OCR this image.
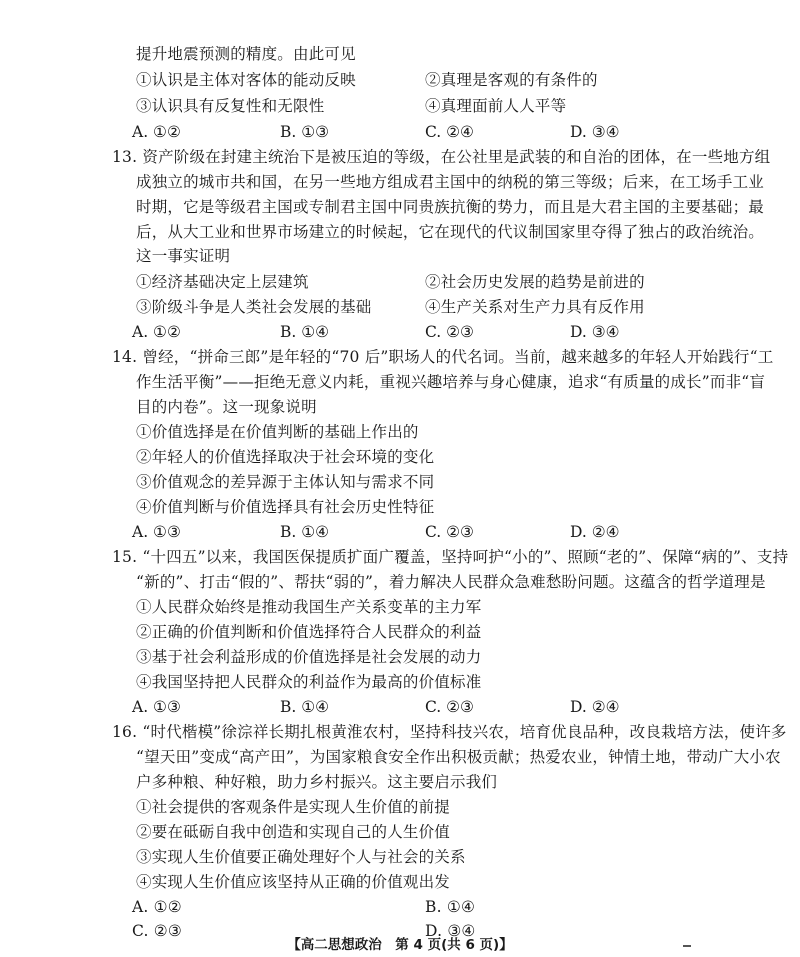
提升地震预测的精度。由此可见
①认识是主体对客体的能动反映	②真理是客观的有条件的
③认识具有反复性和无限性	④真理面前人人平等
A. ①②	B. ①③	C. ②④	D. ③④
13. 资产阶级在封建主统治下是被压迫的等级，在公社里是武装的和自治的团体，在一些地方组
成独立的城市共和国，在另一些地方组成君主国中的纳税的第三等级；后来，在工场手工业
时期，它是等级君主国或专制君主国中同贵族抗衡的势力，而且是大君主国的主要基础；最
后，从大工业和世界市场建立的时候起，它在现代的代议制国家里夺得了独占的政治统治。
这一事实证明
①经济基础决定上层建筑	②社会历史发展的趋势是前进的
③阶级斗争是人类社会发展的基础	④生产关系对生产力具有反作用
A. ①②	B. ①④	C. ②③	D. ③④
14. 曾经，“拼命三郎”是年轻的“70 后”职场人的代名词。当前，越来越多的年轻人开始践行“工
作生活平衡”——拒绝无意义内耗，重视兴趣培养与身心健康，追求“有质量的成长”而非“盲
目的内卷”。这一现象说明
①价值选择是在价值判断的基础上作出的
②年轻人的价值选择取决于社会环境的变化
③价值观念的差异源于主体认知与需求不同
④价值判断与价值选择具有社会历史性特征
A. ①③	B. ①④	C. ②③	D. ②④
15. “十四五”以来，我国医保提质扩面广覆盖，坚持呵护“小的”、照顾“老的”、保障“病的”、支持
“新的”、打击“假的”、帮扶“弱的”，着力解决人民群众急难愁盼问题。这蕴含的哲学道理是
①人民群众始终是推动我国生产关系变革的主力军
②正确的价值判断和价值选择符合人民群众的利益
③基于社会利益形成的价值选择是社会发展的动力
④我国坚持把人民群众的利益作为最高的价值标准
A. ①③	B. ①④	C. ②③	D. ②④
16. “时代楷模”徐淙祥长期扎根黄淮农村，坚持科技兴农，培育优良品种，改良栽培方法，使许多
“望天田”变成“高产田”，为国家粮食安全作出积极贡献；热爱农业，钟情土地，带动广大小农
户多种粮、种好粮，助力乡村振兴。这主要启示我们
①社会提供的客观条件是实现人生价值的前提
②要在砥砺自我中创造和实现自己的人生价值
③实现人生价值要正确处理好个人与社会的关系
④实现人生价值应该坚持从正确的价值观出发
A. ①②	B. ①④
C. ②③	D. ③④
【高二思想政治　第 4 页(共 6 页)】
